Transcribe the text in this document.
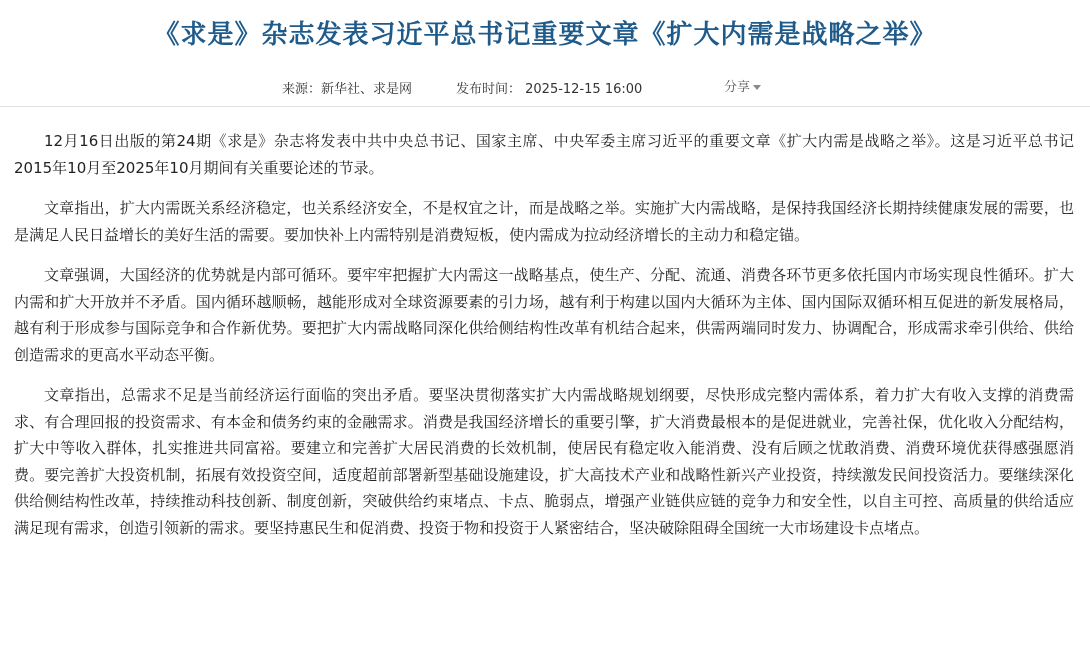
《求是》杂志发表习近平总书记重要文章《扩大内需是战略之举》
来源：新华社、求是网	发布时间： 2025-12-15 16:00	分享

12月16日出版的第24期《求是》杂志将发表中共中央总书记、国家主席、中央军委主席习近平的重要文章《扩大内需是战略之举》。这是习近平总书记2015年10月至2025年10月期间有关重要论述的节录。

文章指出，扩大内需既关系经济稳定，也关系经济安全，不是权宜之计，而是战略之举。实施扩大内需战略，是保持我国经济长期持续健康发展的需要，也是满足人民日益增长的美好生活的需要。要加快补上内需特别是消费短板，使内需成为拉动经济增长的主动力和稳定锚。

文章强调，大国经济的优势就是内部可循环。要牢牢把握扩大内需这一战略基点，使生产、分配、流通、消费各环节更多依托国内市场实现良性循环。扩大内需和扩大开放并不矛盾。国内循环越顺畅，越能形成对全球资源要素的引力场，越有利于构建以国内大循环为主体、国内国际双循环相互促进的新发展格局，越有利于形成参与国际竞争和合作新优势。要把扩大内需战略同深化供给侧结构性改革有机结合起来，供需两端同时发力、协调配合，形成需求牵引供给、供给创造需求的更高水平动态平衡。

文章指出，总需求不足是当前经济运行面临的突出矛盾。要坚决贯彻落实扩大内需战略规划纲要，尽快形成完整内需体系，着力扩大有收入支撑的消费需求、有合理回报的投资需求、有本金和债务约束的金融需求。消费是我国经济增长的重要引擎，扩大消费最根本的是促进就业，完善社保，优化收入分配结构，扩大中等收入群体，扎实推进共同富裕。要建立和完善扩大居民消费的长效机制，使居民有稳定收入能消费、没有后顾之忧敢消费、消费环境优获得感强愿消费。要完善扩大投资机制，拓展有效投资空间，适度超前部署新型基础设施建设，扩大高技术产业和战略性新兴产业投资，持续激发民间投资活力。要继续深化供给侧结构性改革，持续推动科技创新、制度创新，突破供给约束堵点、卡点、脆弱点，增强产业链供应链的竞争力和安全性，以自主可控、高质量的供给适应满足现有需求，创造引领新的需求。要坚持惠民生和促消费、投资于物和投资于人紧密结合，坚决破除阻碍全国统一大市场建设卡点堵点。
